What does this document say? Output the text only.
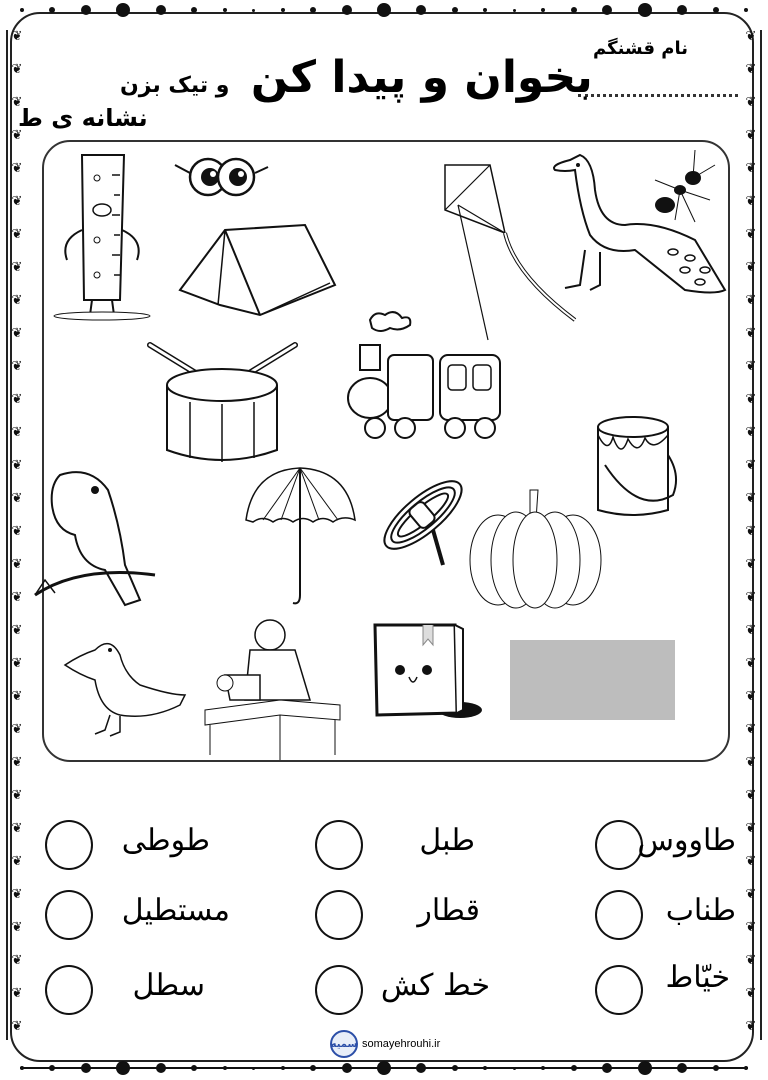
❦
❦
❦
❦
❦
❦
❦
❦
❦
❦
❦
❦
❦
❦
❦
❦
❦
❦
❦
❦
❦
❦
❦
❦
❦
❦
❦
❦
❦
❦
❦
❦
❦
❦
❦
❦
❦
❦
❦
❦
❦
❦
❦
❦
❦
❦
❦
❦
❦
❦
❦
❦
❦
❦
❦
❦
❦
❦
❦
❦
❦
❦
نام قشنگم
بخوان و پیدا کن و تیک بزن
نشانه ی ط
طاووس
طبل
طوطی
طناب
قطار
مستطیل
خیّاط
خط کش
سطل
سمیه somayehrouhi.ir
